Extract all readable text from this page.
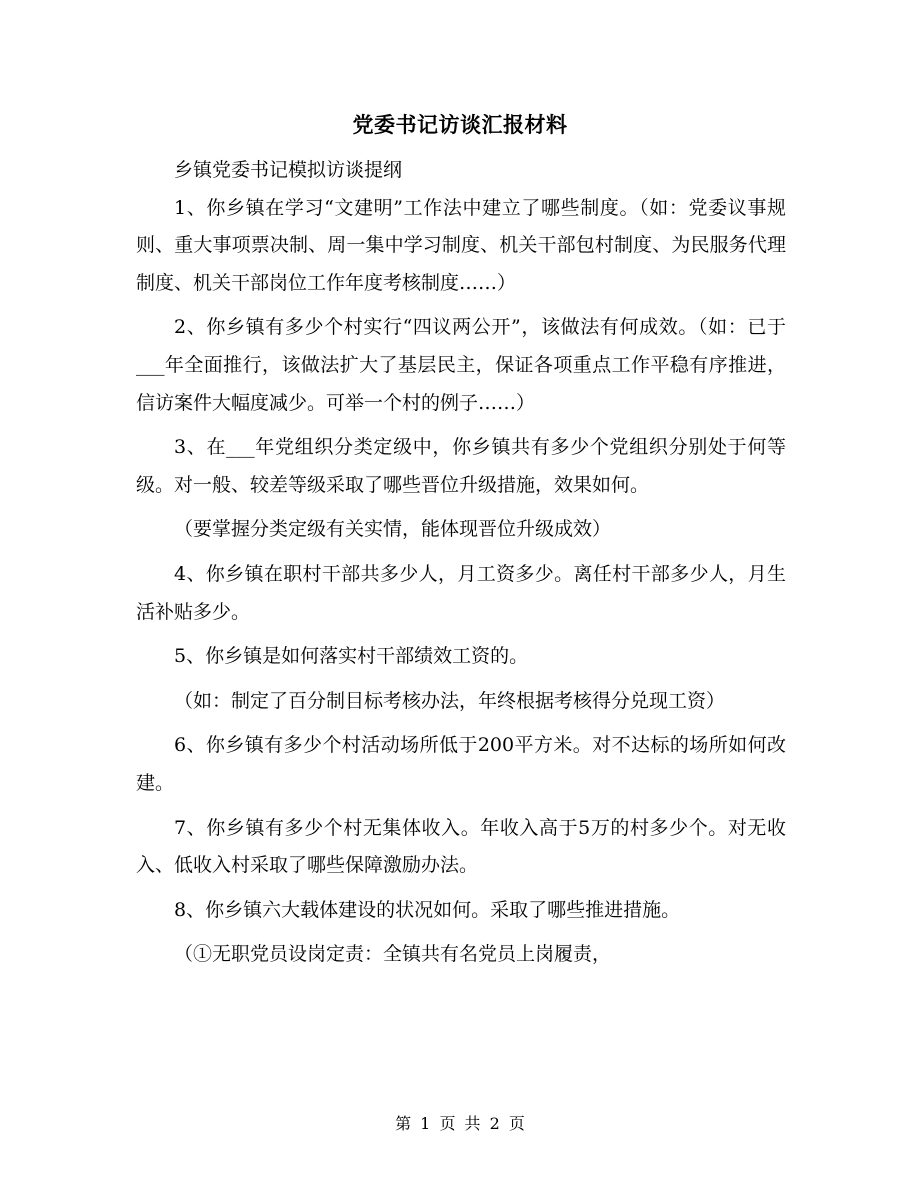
党委书记访谈汇报材料

乡镇党委书记模拟访谈提纲

1、你乡镇在学习“文建明”工作法中建立了哪些制度。（如：党委议事规则、重大事项票决制、周一集中学习制度、机关干部包村制度、为民服务代理制度、机关干部岗位工作年度考核制度……）

2、你乡镇有多少个村实行“四议两公开”，该做法有何成效。（如：已于___年全面推行，该做法扩大了基层民主，保证各项重点工作平稳有序推进，信访案件大幅度减少。可举一个村的例子……）

3、在___年党组织分类定级中，你乡镇共有多少个党组织分别处于何等级。对一般、较差等级采取了哪些晋位升级措施，效果如何。

（要掌握分类定级有关实情，能体现晋位升级成效）

4、你乡镇在职村干部共多少人，月工资多少。离任村干部多少人，月生活补贴多少。

5、你乡镇是如何落实村干部绩效工资的。

（如：制定了百分制目标考核办法，年终根据考核得分兑现工资）

6、你乡镇有多少个村活动场所低于200平方米。对不达标的场所如何改建。

7、你乡镇有多少个村无集体收入。年收入高于5万的村多少个。对无收入、低收入村采取了哪些保障激励办法。

8、你乡镇六大载体建设的状况如何。采取了哪些推进措施。

（①无职党员设岗定责：全镇共有名党员上岗履责，

第 1 页 共 2 页
